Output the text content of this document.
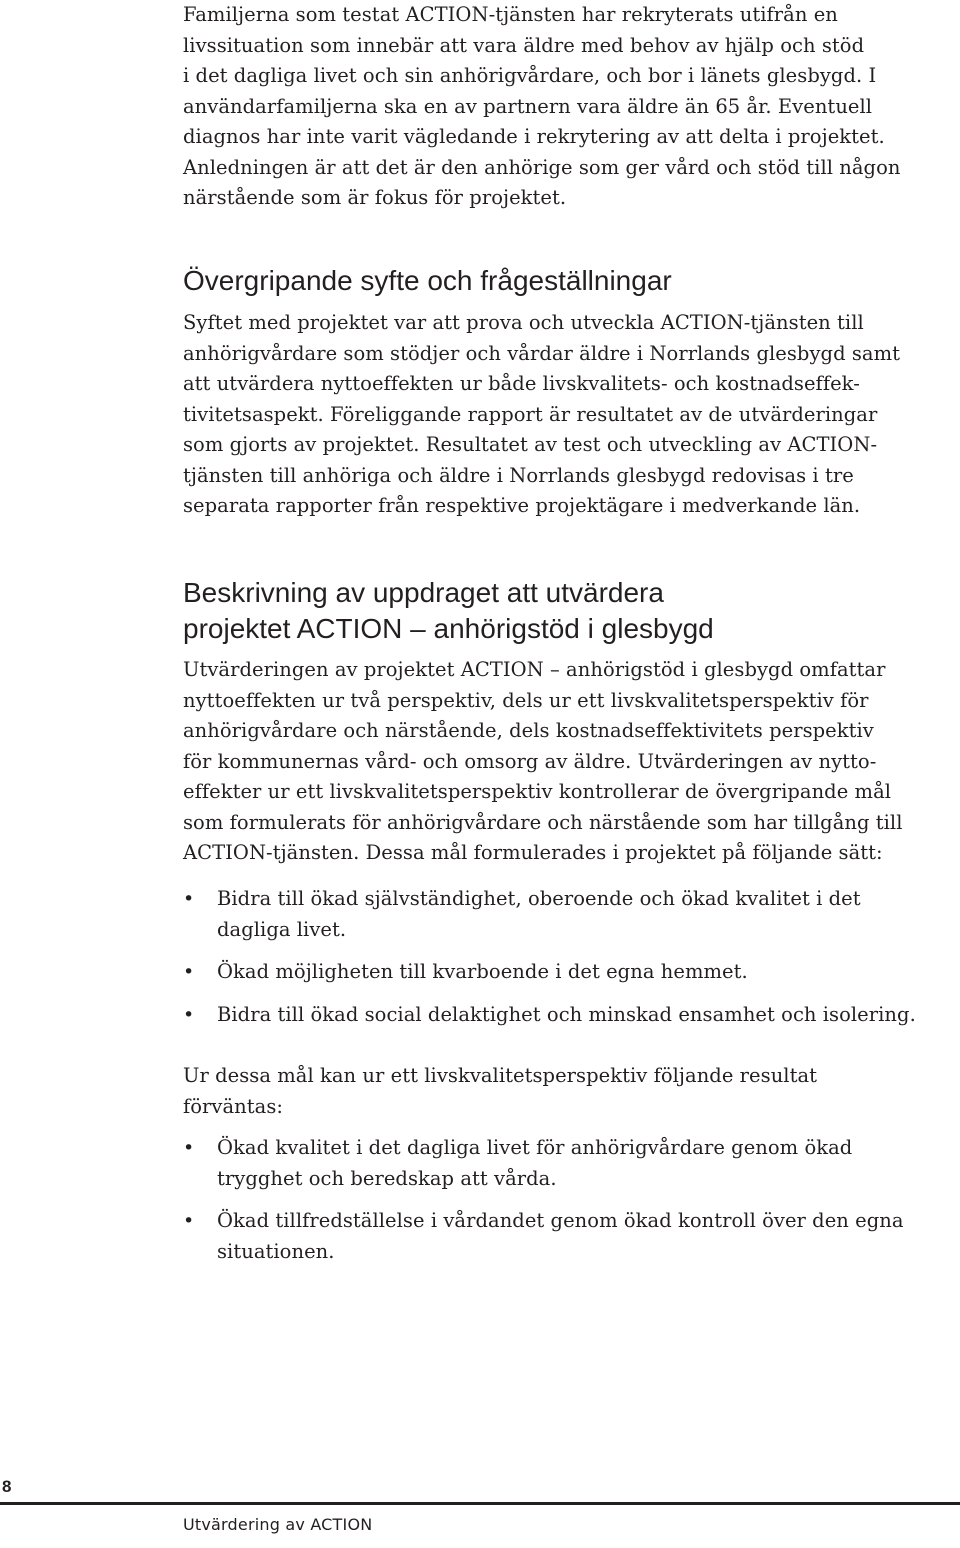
Familjerna som testat ACTION-tjänsten har rekryterats utifrån en

livssituation som innebär att vara äldre med behov av hjälp och stöd

i det dagliga livet och sin anhörigvårdare, och bor i länets glesbygd. I

användarfamiljerna ska en av partnern vara äldre än 65 år. Eventuell

diagnos har inte varit vägledande i rekrytering av att delta i projektet.

Anledningen är att det är den anhörige som ger vård och stöd till någon

närstående som är fokus för projektet.

Övergripande syfte och frågeställningar

Syftet med projektet var att prova och utveckla ACTION-tjänsten till

anhörigvårdare som stödjer och vårdar äldre i Norrlands glesbygd samt

att utvärdera nyttoeffekten ur både livskvalitets- och kostnadseffek-

tivitetsaspekt. Föreliggande rapport är resultatet av de utvärderingar

som gjorts av projektet. Resultatet av test och utveckling av ACTION-

tjänsten till anhöriga och äldre i Norrlands glesbygd redovisas i tre

separata rapporter från respektive projektägare i medverkande län.

Beskrivning av uppdraget att utvärdera
projektet ACTION – anhörigstöd i glesbygd

Utvärderingen av projektet ACTION – anhörigstöd i glesbygd omfattar

nyttoeffekten ur två perspektiv, dels ur ett livskvalitetsperspektiv för

anhörigvårdare och närstående, dels kostnadseffektivitets perspektiv

för kommunernas vård- och omsorg av äldre. Utvärderingen av nytto-

effekter ur ett livskvalitetsperspektiv kontrollerar de övergripande mål

som formulerats för anhörigvårdare och närstående som har tillgång till

ACTION-tjänsten. Dessa mål formulerades i projektet på följande sätt:

• Bidra till ökad självständighet, oberoende och ökad kvalitet i det

dagliga livet.

• Ökad möjligheten till kvarboende i det egna hemmet.

• Bidra till ökad social delaktighet och minskad ensamhet och isolering.

Ur dessa mål kan ur ett livskvalitetsperspektiv följande resultat

förväntas:

• Ökad kvalitet i det dagliga livet för anhörigvårdare genom ökad

trygghet och beredskap att vårda.

• Ökad tillfredställelse i vårdandet genom ökad kontroll över den egna

situationen.

8
Utvärdering av ACTION
